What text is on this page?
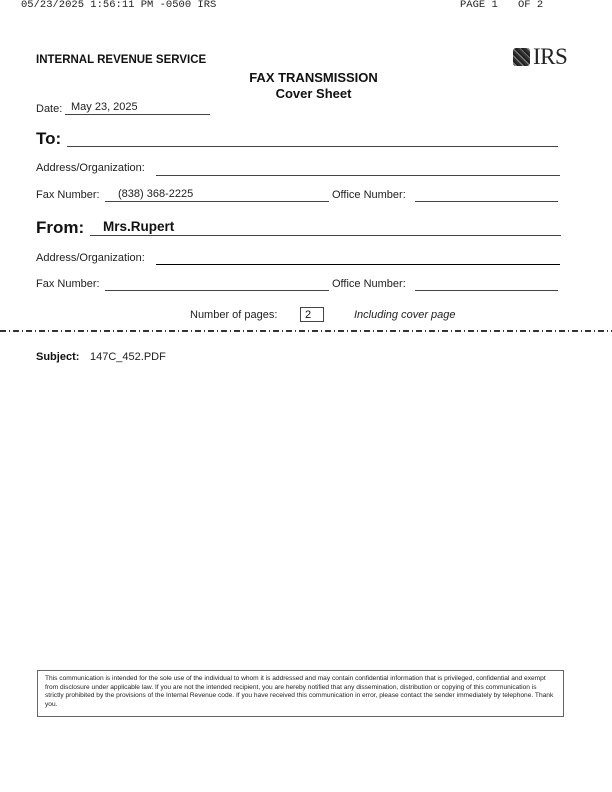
05/23/2025 1:56:11 PM -0500 IRS	PAGE 1 OF 2
INTERNAL REVENUE SERVICE	IRS
FAX TRANSMISSION
Cover Sheet
Date: May 23, 2025
To:
Address/Organization:
Fax Number: (838) 368-2225	Office Number:
From: Mrs.Rupert
Address/Organization:
Fax Number:	Office Number:
Number of pages:	2	Including cover page
Subject: 147C_452.PDF
This communication is intended for the sole use of the individual to whom it is addressed and may contain confidential information that is privileged, confidential and exempt from disclosure under applicable law. If you are not the intended recipient, you are hereby notified that any dissemination, distribution or copying of this communication is strictly prohibited by the provisions of the Internal Revenue code. If you have received this communication in error, please contact the sender immediately by telephone. Thank you.
